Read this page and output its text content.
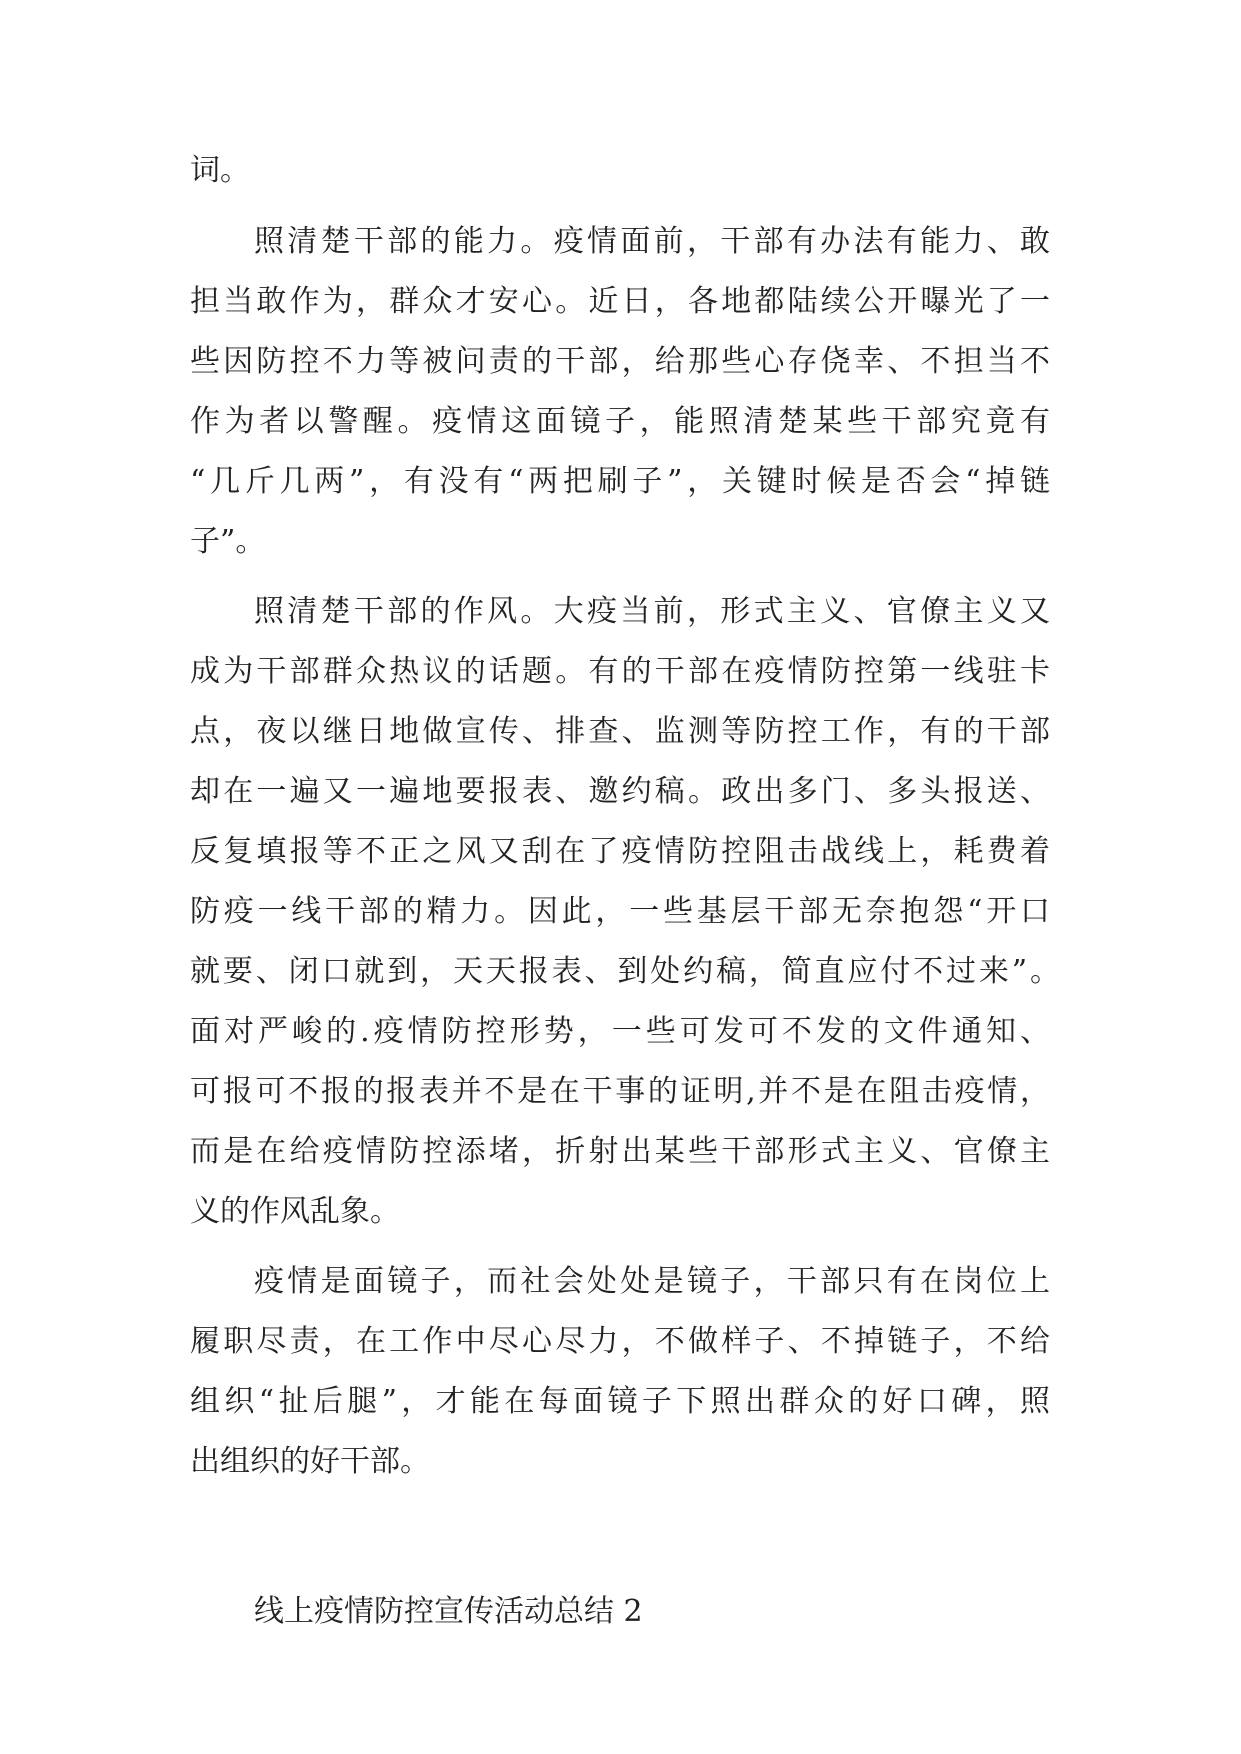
词。
照清楚干部的能力。疫情面前，干部有办法有能力、敢
担当敢作为，群众才安心。近日，各地都陆续公开曝光了一
些因防控不力等被问责的干部，给那些心存侥幸、不担当不
作为者以警醒。疫情这面镜子，能照清楚某些干部究竟有
“几斤几两”，有没有“两把刷子”，关键时候是否会“掉链
子”。
照清楚干部的作风。大疫当前，形式主义、官僚主义又
成为干部群众热议的话题。有的干部在疫情防控第一线驻卡
点，夜以继日地做宣传、排查、监测等防控工作，有的干部
却在一遍又一遍地要报表、邀约稿。政出多门、多头报送、
反复填报等不正之风又刮在了疫情防控阻击战线上，耗费着
防疫一线干部的精力。因此，一些基层干部无奈抱怨“开口
就要、闭口就到，天天报表、到处约稿，简直应付不过来”。
面对严峻的.疫情防控形势，一些可发可不发的文件通知、
可报可不报的报表并不是在干事的证明,并不是在阻击疫情，
而是在给疫情防控添堵，折射出某些干部形式主义、官僚主
义的作风乱象。
疫情是面镜子，而社会处处是镜子，干部只有在岗位上
履职尽责，在工作中尽心尽力，不做样子、不掉链子，不给
组织“扯后腿”，才能在每面镜子下照出群众的好口碑，照
出组织的好干部。
线上疫情防控宣传活动总结 2
